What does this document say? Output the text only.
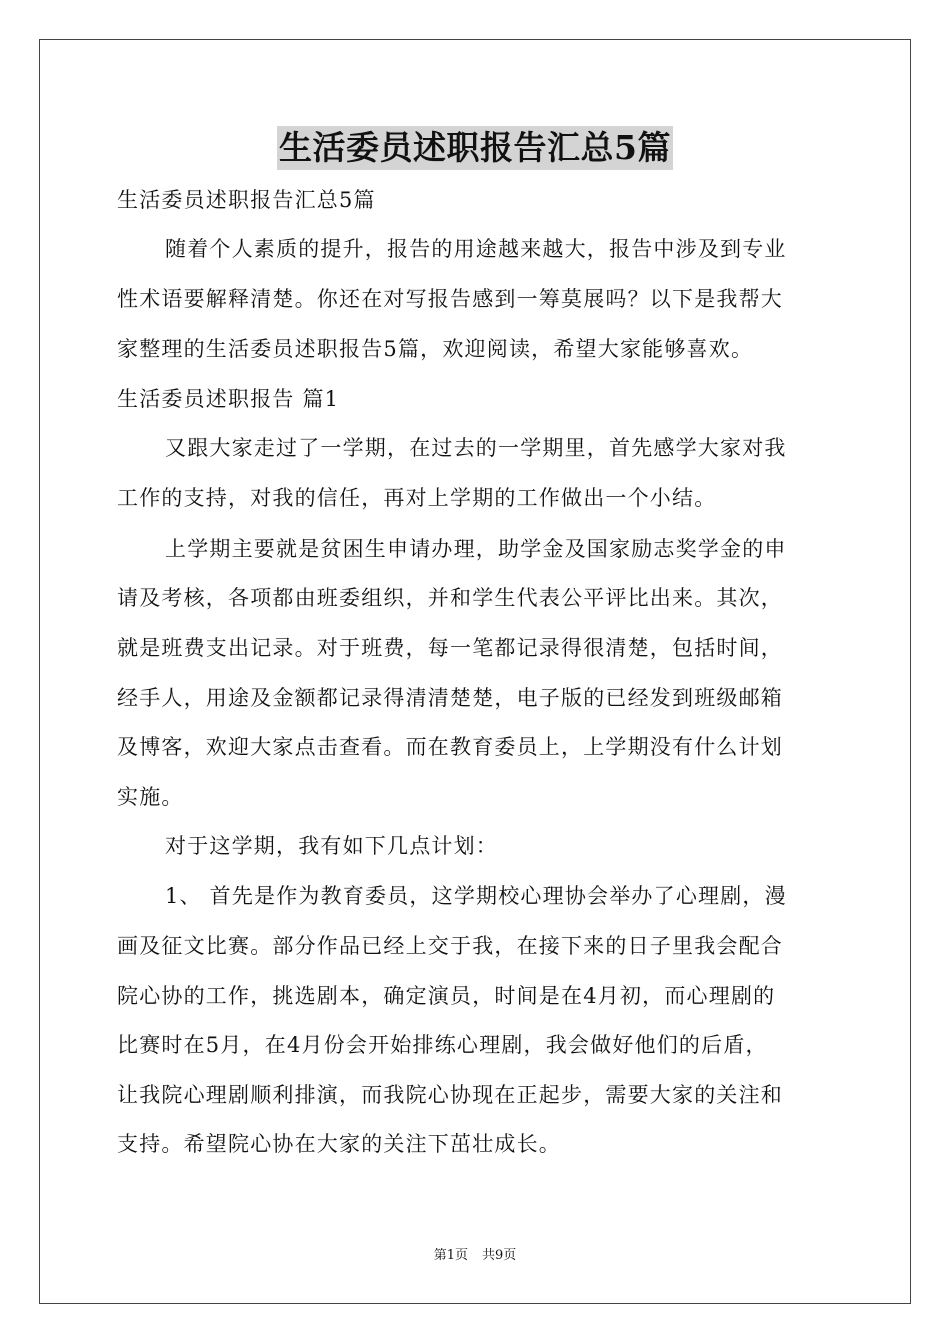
生活委员述职报告汇总5篇
生活委员述职报告汇总5篇
随着个人素质的提升，报告的用途越来越大，报告中涉及到专业
性术语要解释清楚。你还在对写报告感到一筹莫展吗？以下是我帮大
家整理的生活委员述职报告5篇，欢迎阅读，希望大家能够喜欢。
生活委员述职报告 篇1
又跟大家走过了一学期，在过去的一学期里，首先感学大家对我
工作的支持，对我的信任，再对上学期的工作做出一个小结。
上学期主要就是贫困生申请办理，助学金及国家励志奖学金的申
请及考核，各项都由班委组织，并和学生代表公平评比出来。其次，
就是班费支出记录。对于班费，每一笔都记录得很清楚，包括时间，
经手人，用途及金额都记录得清清楚楚，电子版的已经发到班级邮箱
及博客，欢迎大家点击查看。而在教育委员上，上学期没有什么计划
实施。
对于这学期，我有如下几点计划：
1、 首先是作为教育委员，这学期校心理协会举办了心理剧，漫
画及征文比赛。部分作品已经上交于我，在接下来的日子里我会配合
院心协的工作，挑选剧本，确定演员，时间是在4月初，而心理剧的
比赛时在5月，在4月份会开始排练心理剧，我会做好他们的后盾，
让我院心理剧顺利排演，而我院心协现在正起步，需要大家的关注和
支持。希望院心协在大家的关注下茁壮成长。
第1页 共9页
